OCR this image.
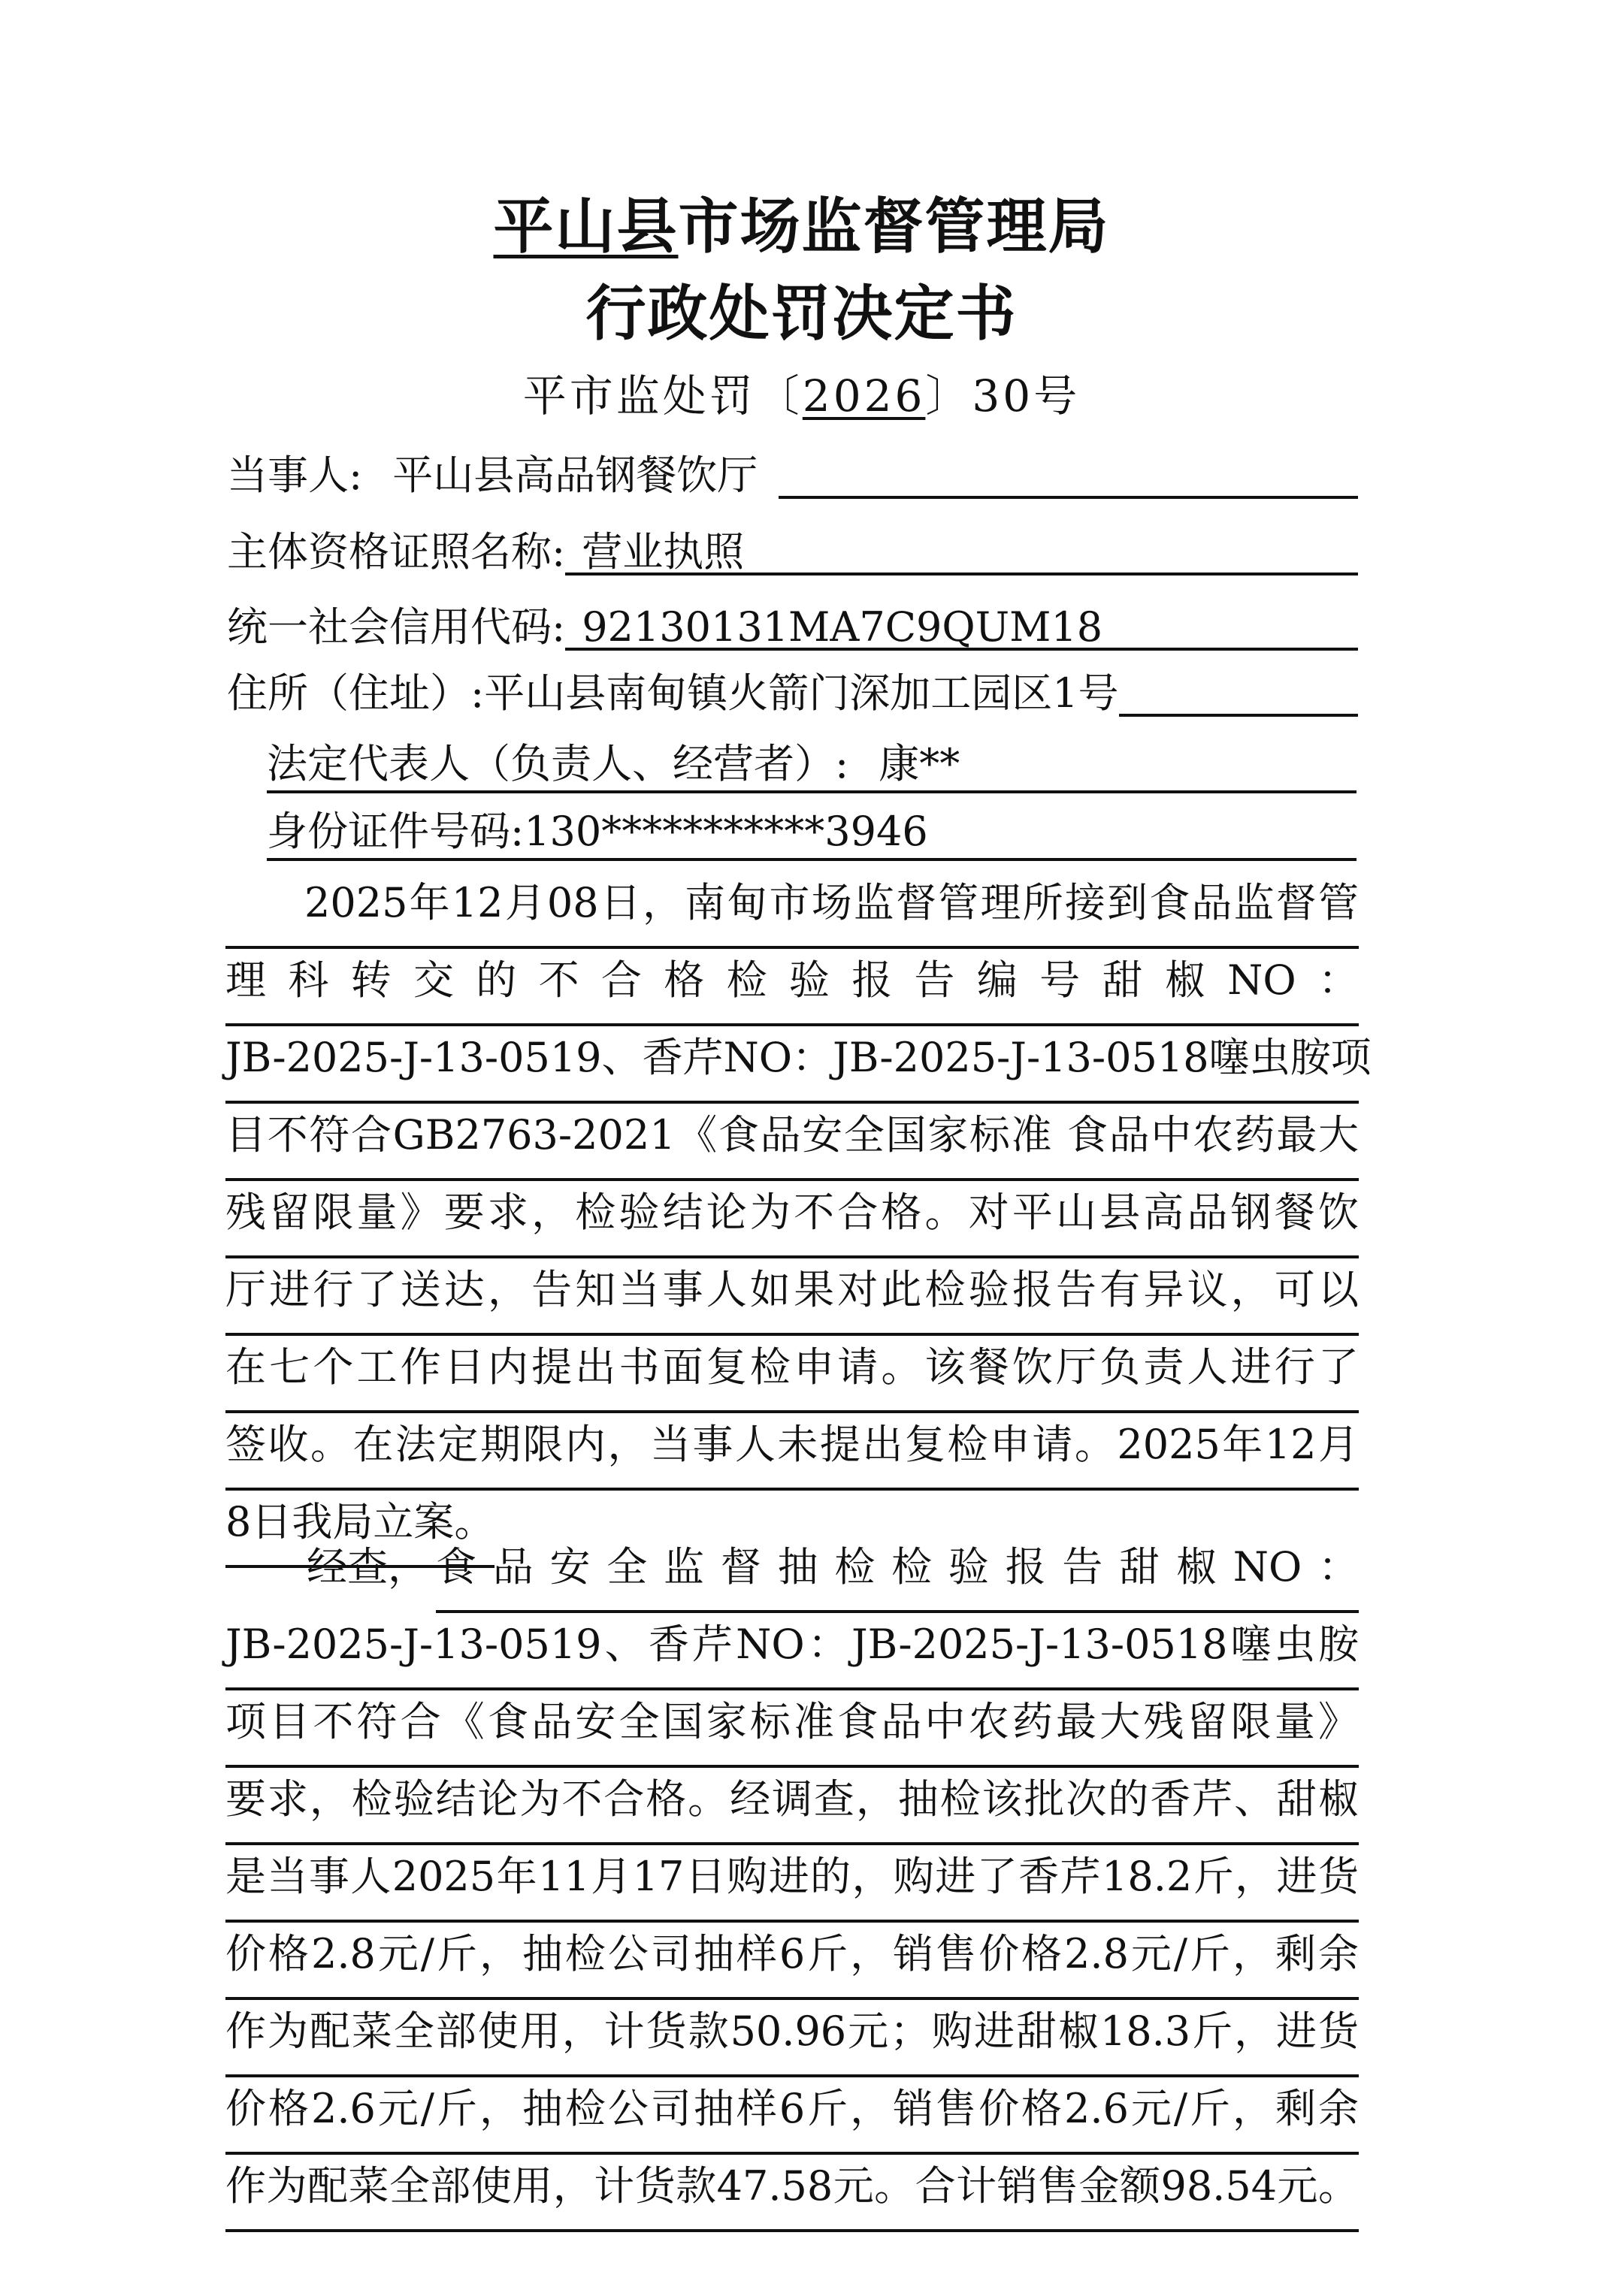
平山县市场监督管理局
行政处罚决定书
平市监处罚〔2026〕30号
当事人: 平山县高品钢餐饮厅
主体资格证照名称: 营业执照
统一社会信用代码: 92130131MA7C9QUM18
住所（住址）: 平山县南甸镇火箭门深加工园区1号
法定代表人（负责人、经营者）: 康**
身份证件号码:130***********3946
2025年12月08日，南甸市场监督管理所接到食品监督管
理科转交的不合格检验报告编号甜椒NO：
JB-2025-J-13-0519、香芹NO：JB-2025-J-13-0518噻虫胺项
目不符合GB2763-2021《食品安全国家标准 食品中农药最大
残留限量》要求，检验结论为不合格。对平山县高品钢餐饮
厅进行了送达，告知当事人如果对此检验报告有异议，可以
在七个工作日内提出书面复检申请。该餐饮厅负责人进行了
签收。在法定期限内，当事人未提出复检申请。2025年12月
8日我局立案。
经查， 食品安全监督抽检检验报告甜椒NO：
JB-2025-J-13-0519、香芹NO：JB-2025-J-13-0518噻虫胺
项目不符合《食品安全国家标准食品中农药最大残留限量》
要求，检验结论为不合格。经调查，抽检该批次的香芹、甜椒
是当事人2025年11月17日购进的，购进了香芹18.2斤，进货
价格2.8元/斤，抽检公司抽样6斤，销售价格2.8元/斤，剩余
作为配菜全部使用，计货款50.96元；购进甜椒18.3斤，进货
价格2.6元/斤，抽检公司抽样6斤，销售价格2.6元/斤，剩余
作为配菜全部使用，计货款47.58元。合计销售金额98.54元。
